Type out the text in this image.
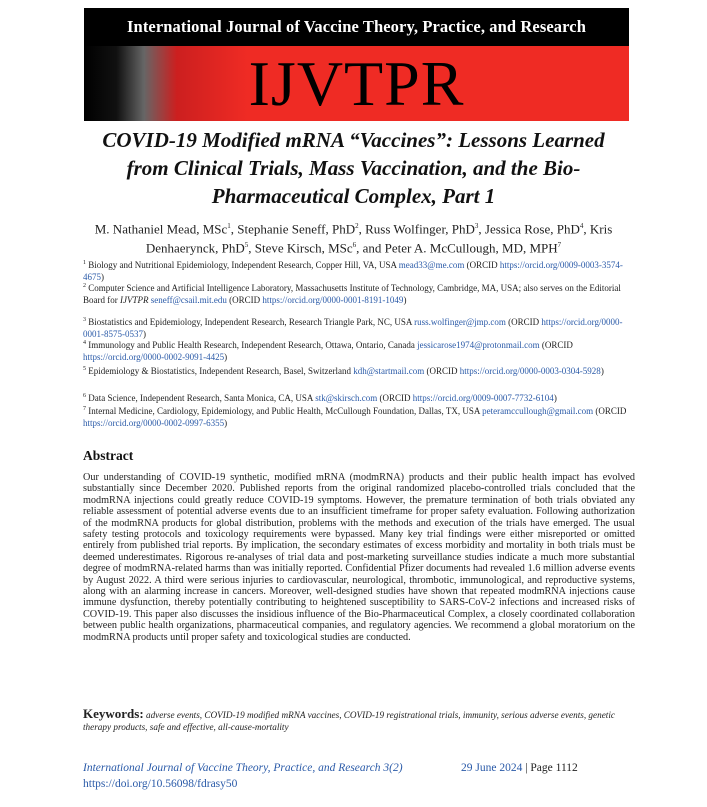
International Journal of Vaccine Theory, Practice, and Research
IJVTPR
COVID-19 Modified mRNA “Vaccines”: Lessons Learned
from Clinical Trials, Mass Vaccination, and the Bio-
Pharmaceutical Complex, Part 1
M. Nathaniel Mead, MSc$^1$, Stephanie Seneff, PhD$^2$, Russ Wolfinger, PhD$^3$, Jessica Rose, PhD$^4$, Kris
Denhaerynck, PhD$^5$, Steve Kirsch, MSc$^6$, and Peter A. McCullough, MD, MPH$^7$
$^1$ Biology and Nutritional Epidemiology, Independent Research, Copper Hill, VA, USA mead33@me.com (ORCID https://orcid.org/0009-0003-3574-4675)
$^2$ Computer Science and Artificial Intelligence Laboratory, Massachusetts Institute of Technology, Cambridge, MA, USA; also serves on the Editorial Board for IJVTPR seneff@csail.mit.edu (ORCID https://orcid.org/0000-0001-8191-1049)
$^3$ Biostatistics and Epidemiology, Independent Research, Research Triangle Park, NC, USA russ.wolfinger@jmp.com (ORCID https://orcid.org/0000-0001-8575-0537)
$^4$ Immunology and Public Health Research, Independent Research, Ottawa, Ontario, Canada jessicarose1974@protonmail.com (ORCID https://orcid.org/0000-0002-9091-4425)
$^5$ Epidemiology & Biostatistics, Independent Research, Basel, Switzerland kdh@startmail.com (ORCID https://orcid.org/0000-0003-0304-5928)
$^6$ Data Science, Independent Research, Santa Monica, CA, USA stk@skirsch.com (ORCID https://orcid.org/0009-0007-7732-6104)
$^7$ Internal Medicine, Cardiology, Epidemiology, and Public Health, McCullough Foundation, Dallas, TX, USA peteramccullough@gmail.com (ORCID https://orcid.org/0000-0002-0997-6355)
Abstract
Our understanding of COVID-19 synthetic, modified mRNA (modmRNA) products and their public health impact has evolved substantially since December 2020. Published reports from the original randomized placebo-controlled trials concluded that the modmRNA injections could greatly reduce COVID-19 symptoms. However, the premature termination of both trials obviated any reliable assessment of potential adverse events due to an insufficient timeframe for proper safety evaluation. Following authorization of the modmRNA products for global distribution, problems with the methods and execution of the trials have emerged. The usual safety testing protocols and toxicology requirements were bypassed. Many key trial findings were either misreported or omitted entirely from published trial reports. By implication, the secondary estimates of excess morbidity and mortality in both trials must be deemed underestimates. Rigorous re-analyses of trial data and post-marketing surveillance studies indicate a much more substantial degree of modmRNA-related harms than was initially reported. Confidential Pfizer documents had revealed 1.6 million adverse events by August 2022. A third were serious injuries to cardiovascular, neurological, thrombotic, immunological, and reproductive systems, along with an alarming increase in cancers. Moreover, well-designed studies have shown that repeated modmRNA injections cause immune dysfunction, thereby potentially contributing to heightened susceptibility to SARS-CoV-2 infections and increased risks of COVID-19. This paper also discusses the insidious influence of the Bio-Pharmaceutical Complex, a closely coordinated collaboration between public health organizations, pharmaceutical companies, and regulatory agencies. We recommend a global moratorium on the modmRNA products until proper safety and toxicological studies are conducted.
Keywords: adverse events, COVID-19 modified mRNA vaccines, COVID-19 registrational trials, immunity, serious adverse events, genetic therapy products, safe and effective, all-cause-mortality
International Journal of Vaccine Theory, Practice, and Research 3(2)
https://doi.org/10.56098/fdrasy50
29 June 2024 | Page 1112
